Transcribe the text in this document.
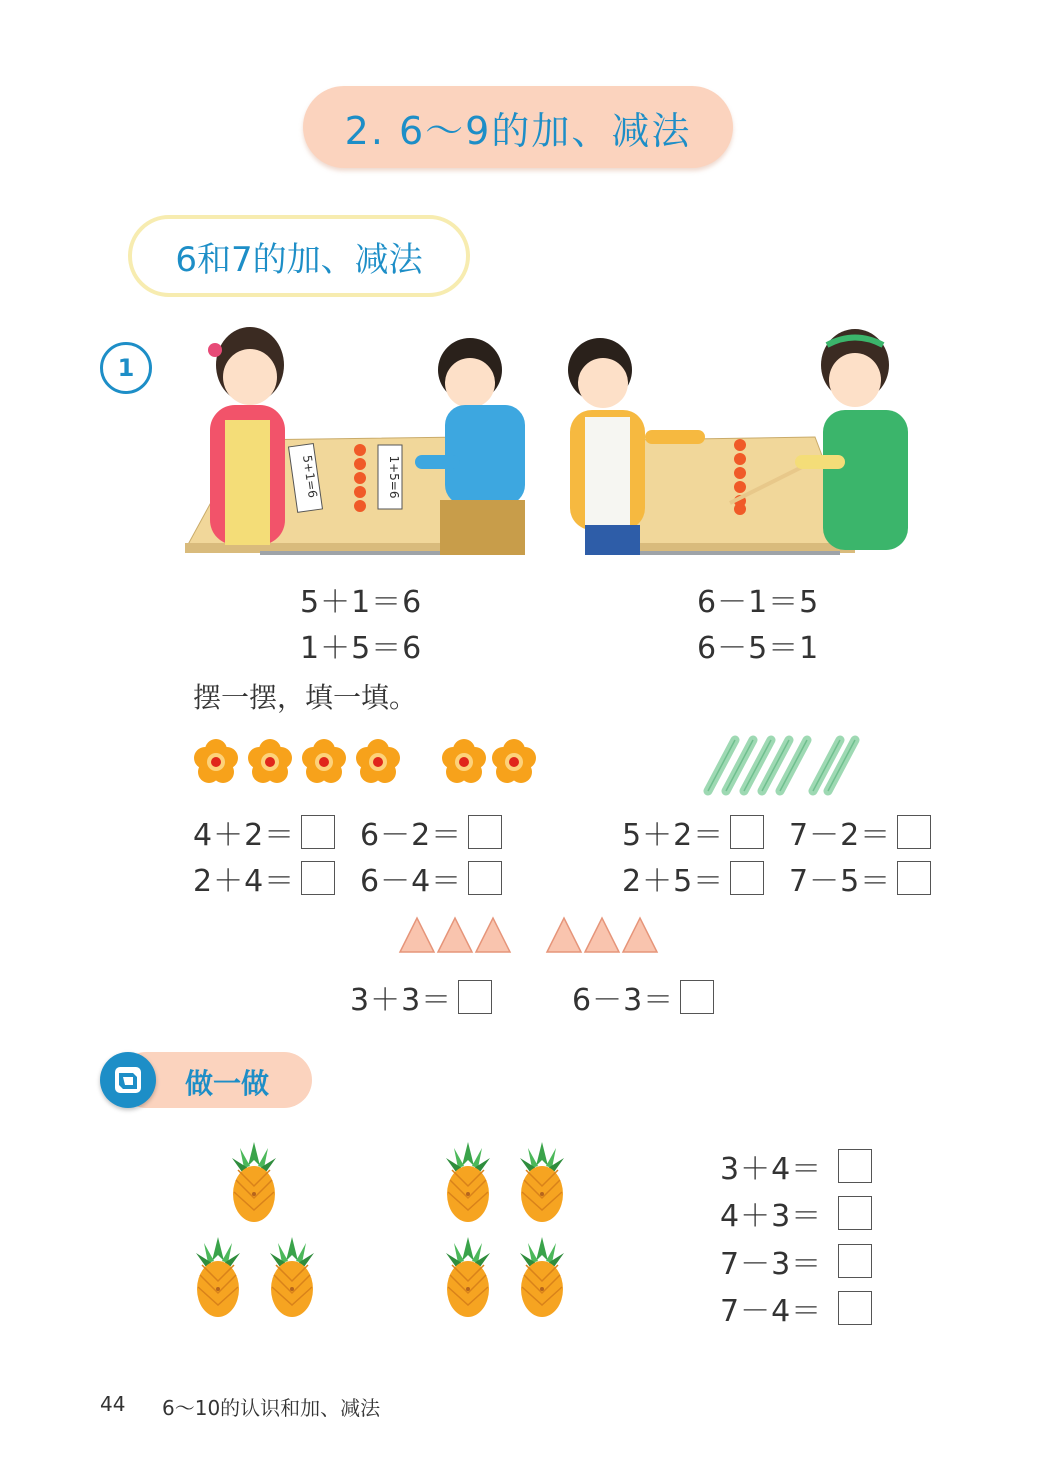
2. 6～9的加、减法
6和7的加、减法
1
5+1=6	1+5=6
5＋1＝6
1＋5＝6
6－1＝5
6－5＝1
摆一摆，填一填。
4＋2＝ 6－2＝
2＋4＝ 6－4＝
5＋2＝ 7－2＝
2＋5＝ 7－5＝
3＋3＝	6－3＝
做一做
3＋4＝
4＋3＝
7－3＝
7－4＝
44 6～10的认识和加、减法
